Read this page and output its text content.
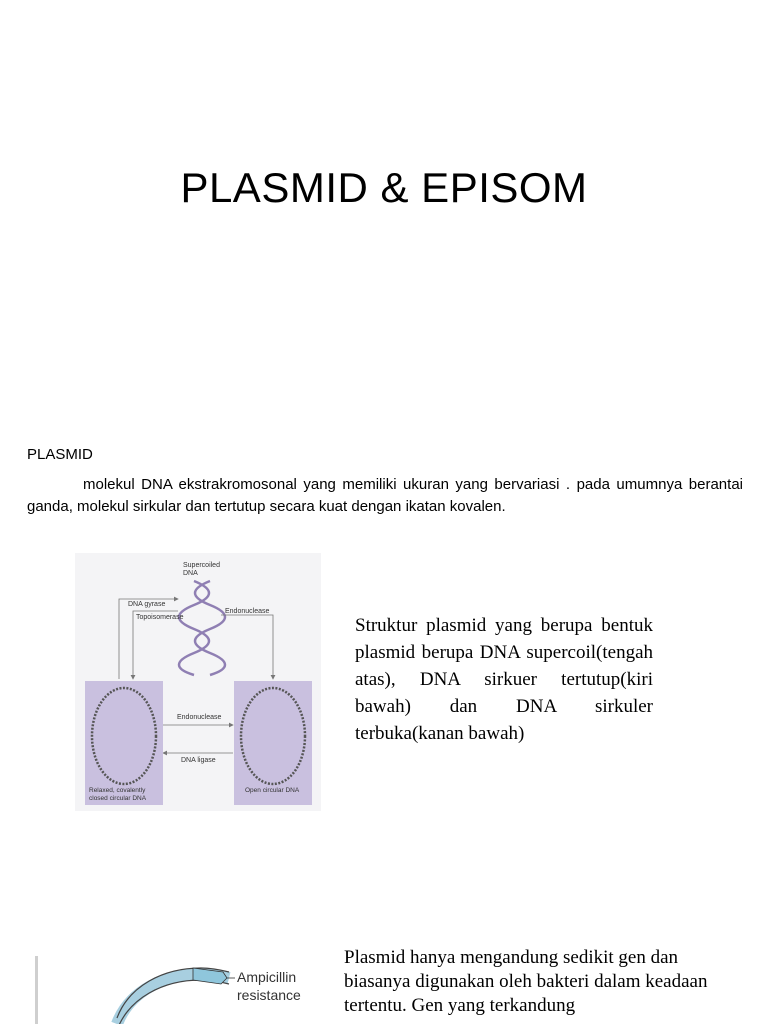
PLASMID & EPISOM
PLASMID
molekul DNA ekstrakromosonal yang memiliki ukuran yang bervariasi . pada umumnya berantai ganda, molekul sirkular dan tertutup secara kuat dengan ikatan kovalen.
Supercoiled
DNA
DNA gyrase
Topoisomerase
Endonuclease
Endonuclease
DNA ligase
Relaxed, covalently
closed circular DNA
Open circular DNA
Struktur plasmid yang berupa bentuk plasmid berupa DNA supercoil(tengah atas), DNA sirkuer tertutup(kiri bawah) dan DNA sirkuler terbuka(kanan bawah)
Ampicillin
resistance
Plasmid hanya mengandung sedikit gen dan biasanya digunakan oleh bakteri dalam keadaan tertentu. Gen yang terkandung
